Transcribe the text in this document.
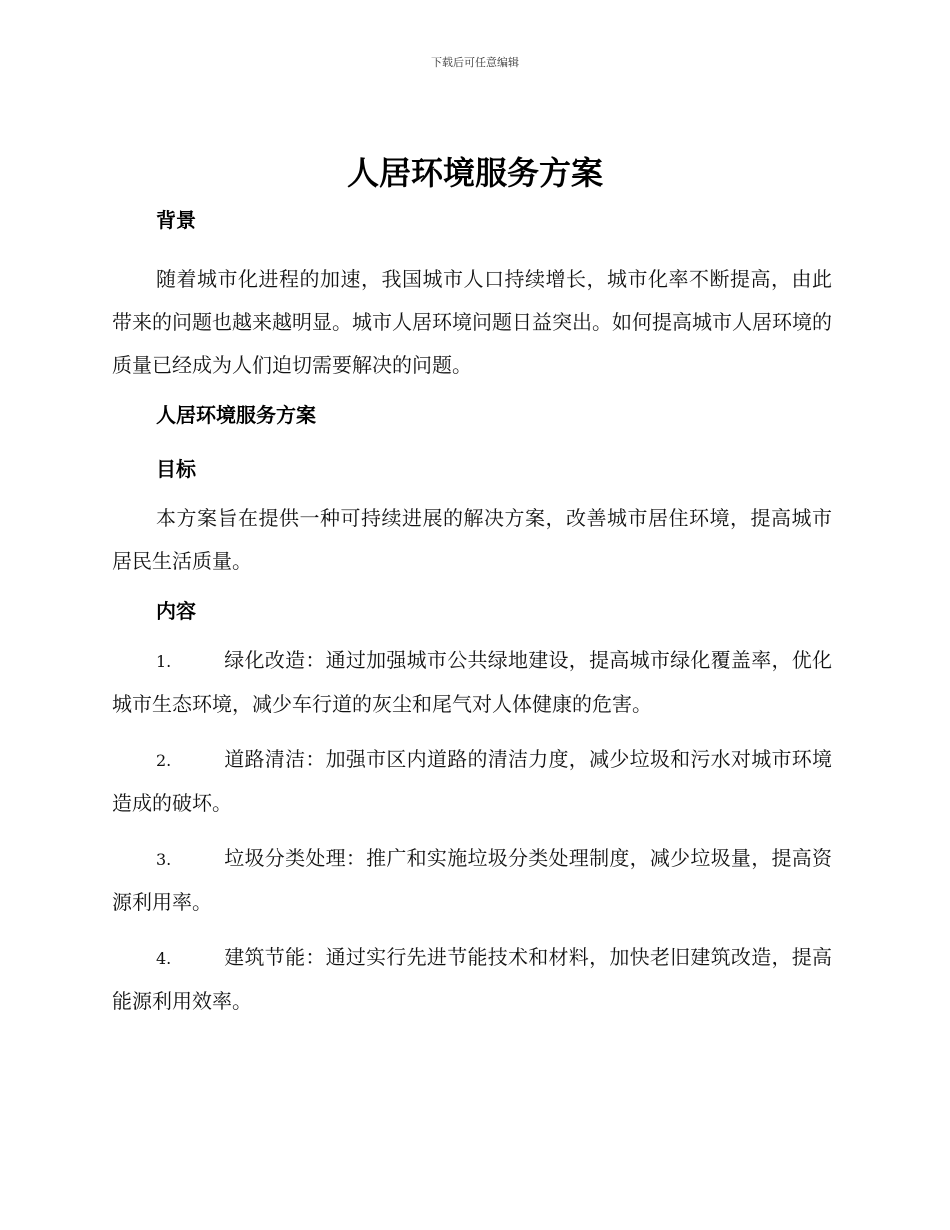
下载后可任意编辑
人居环境服务方案

背景

随着城市化进程的加速，我国城市人口持续增长，城市化率不断提高，由此带来的问题也越来越明显。城市人居环境问题日益突出。如何提高城市人居环境的质量已经成为人们迫切需要解决的问题。

人居环境服务方案

目标

本方案旨在提供一种可持续进展的解决方案，改善城市居住环境，提高城市居民生活质量。

内容

1.	绿化改造：通过加强城市公共绿地建设，提高城市绿化覆盖率，优化城市生态环境，减少车行道的灰尘和尾气对人体健康的危害。

2.	道路清洁：加强市区内道路的清洁力度，减少垃圾和污水对城市环境造成的破坏。

3.	垃圾分类处理：推广和实施垃圾分类处理制度，减少垃圾量，提高资源利用率。

4.	建筑节能：通过实行先进节能技术和材料，加快老旧建筑改造，提高能源利用效率。
